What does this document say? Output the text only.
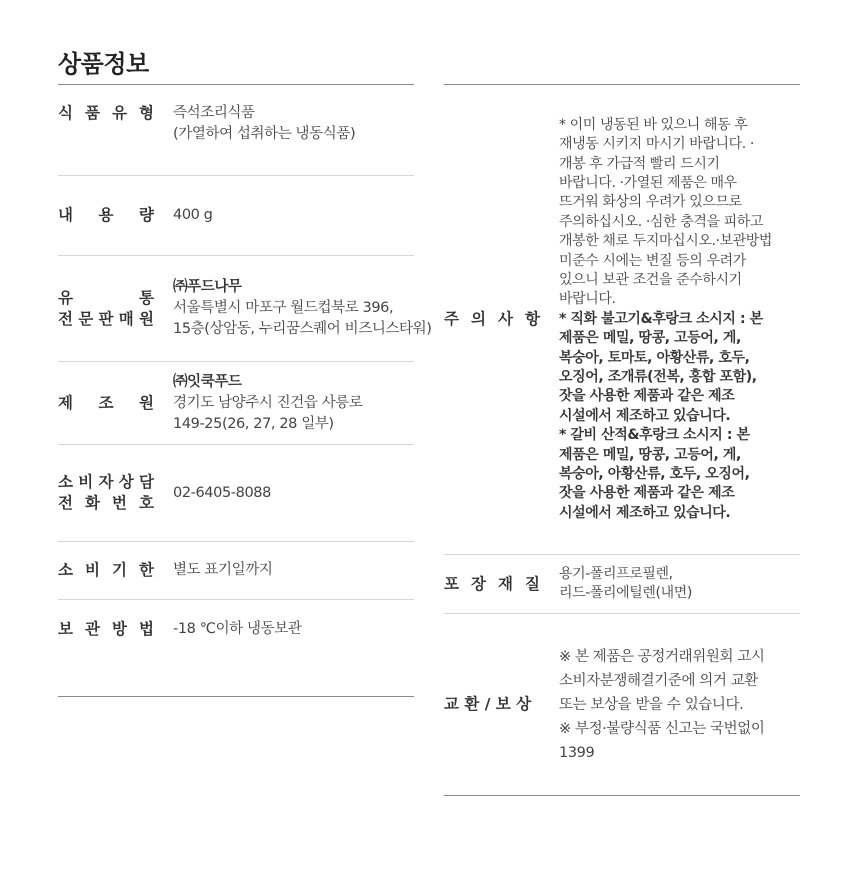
상품정보
식 품 유 형 즉석조리식품
(가열하여 섭취하는 냉동식품)
내 용 량 400 g
유	통
전 문 판 매 원
㈜푸드나무
서울특별시 마포구 월드컵북로 396,
15층(상암동, 누리꿈스퀘어 비즈니스타워)
제 조 원
㈜잇쿡푸드
경기도 남양주시 진건읍 사릉로
149-25(26, 27, 28 일부)
소 비 자 상 담
전 화 번 호
02-6405-8088
소 비 기 한 별도 표기일까지
보 관 방 법 -18 ℃이하 냉동보관
주 의 사 항
* 이미 냉동된 바 있으니 해동 후
재냉동 시키지 마시기 바랍니다. ·
개봉 후 가급적 빨리 드시기
바랍니다. ·가열된 제품은 매우
뜨거워 화상의 우려가 있으므로
주의하십시오. ·심한 충격을 피하고
개봉한 채로 두지마십시오.·보관방법
미준수 시에는 변질 등의 우려가
있으니 보관 조건을 준수하시기
바랍니다.
* 직화 불고기&후랑크 소시지 : 본
제품은 메밀, 땅콩, 고등어, 게,
복숭아, 토마토, 아황산류, 호두,
오징어, 조개류(전복, 홍합 포함),
잣을 사용한 제품과 같은 제조
시설에서 제조하고 있습니다.
* 갈비 산적&후랑크 소시지 : 본
제품은 메밀, 땅콩, 고등어, 게,
복숭아, 아황산류, 호두, 오징어,
잣을 사용한 제품과 같은 제조
시설에서 제조하고 있습니다.
포 장 재 질
용기-폴리프로필렌,
리드-폴리에틸렌(내면)
교 환 / 보 상
※ 본 제품은 공정거래위원회 고시
소비자분쟁해결기준에 의거 교환
또는 보상을 받을 수 있습니다.
※ 부정·불량식품 신고는 국번없이
1399
